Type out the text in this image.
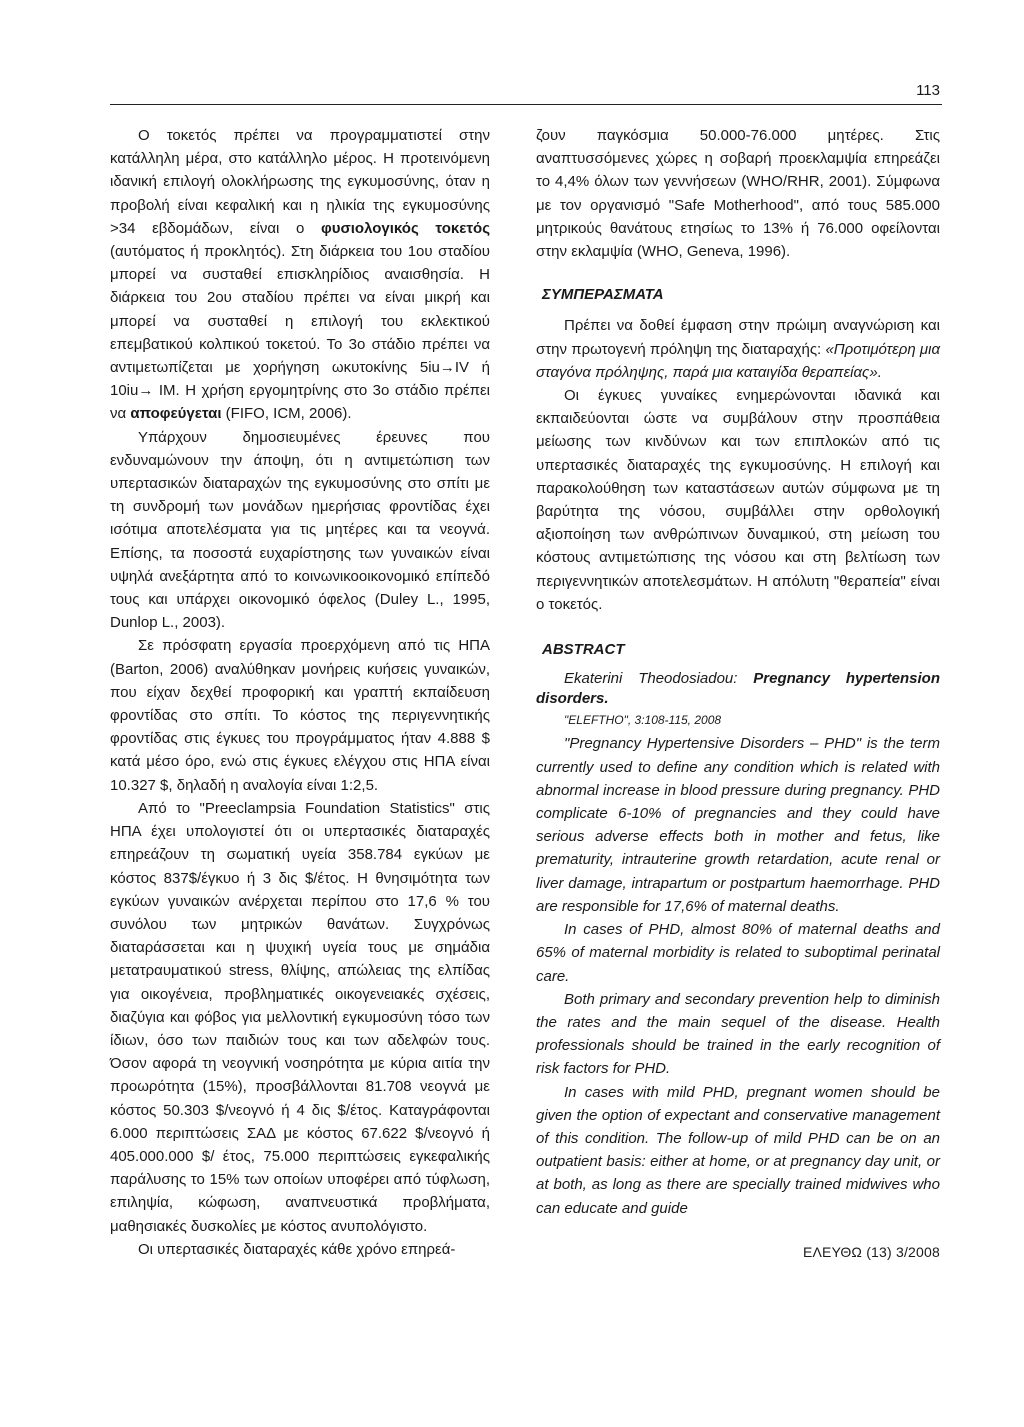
113

Ο τοκετός πρέπει να προγραμματιστεί στην κατάλληλη μέρα, στο κατάλληλο μέρος. Η προτεινόμενη ιδανική επιλογή ολοκλήρωσης της εγκυμοσύνης, όταν η προβολή είναι κεφαλική και η ηλικία της εγκυμοσύνης >34 εβδομάδων, είναι ο φυσιολογικός τοκετός (αυτόματος ή προκλητός). Στη διάρκεια του 1ου σταδίου μπορεί να συσταθεί επισκληρίδιος αναισθησία. Η διάρκεια του 2ου σταδίου πρέπει να είναι μικρή και μπορεί να συσταθεί η επιλογή του εκλεκτικού επεμβατικού κολπικού τοκετού. Το 3ο στάδιο πρέπει να αντιμετωπίζεται με χορήγηση ωκυτοκίνης 5iu→IV ή 10iu→ IM. Η χρήση εργομητρίνης στο 3ο στάδιο πρέπει να αποφεύγεται (FIFO, ICM, 2006).

Υπάρχουν δημοσιευμένες έρευνες που ενδυναμώνουν την άποψη, ότι η αντιμετώπιση των υπερτασικών διαταραχών της εγκυμοσύνης στο σπίτι με τη συνδρομή των μονάδων ημερήσιας φροντίδας έχει ισότιμα αποτελέσματα για τις μητέρες και τα νεογνά. Επίσης, τα ποσοστά ευχαρίστησης των γυναικών είναι υψηλά ανεξάρτητα από το κοινωνικοοικονομικό επίπεδό τους και υπάρχει οικονομικό όφελος (Duley L., 1995, Dunlop L., 2003).

Σε πρόσφατη εργασία προερχόμενη από τις ΗΠΑ (Barton, 2006) αναλύθηκαν μονήρεις κυήσεις γυναικών, που είχαν δεχθεί προφορική και γραπτή εκπαίδευση φροντίδας στο σπίτι. Το κόστος της περιγεννητικής φροντίδας στις έγκυες του προγράμματος ήταν 4.888 $ κατά μέσο όρο, ενώ στις έγκυες ελέγχου στις ΗΠΑ είναι 10.327 $, δηλαδή η αναλογία είναι 1:2,5.

Από το "Preeclampsia Foundation Statistics" στις ΗΠΑ έχει υπολογιστεί ότι οι υπερτασικές διαταραχές επηρεάζουν τη σωματική υγεία 358.784 εγκύων με κόστος 837$/έγκυο ή 3 δις $/έτος. Η θνησιμότητα των εγκύων γυναικών ανέρχεται περίπου στο 17,6 % του συνόλου των μητρικών θανάτων. Συγχρόνως διαταράσσεται και η ψυχική υγεία τους με σημάδια μετατραυματικού stress, θλίψης, απώλειας της ελπίδας για οικογένεια, προβληματικές οικογενειακές σχέσεις, διαζύγια και φόβος για μελλοντική εγκυμοσύνη τόσο των ίδιων, όσο των παιδιών τους και των αδελφών τους. Όσον αφορά τη νεογνική νοσηρότητα με κύρια αιτία την προωρότητα (15%), προσβάλλονται 81.708 νεογνά με κόστος 50.303 $/νεογνό ή 4 δις $/έτος. Καταγράφονται 6.000 περιπτώσεις ΣΑΔ με κόστος 67.622 $/νεογνό ή 405.000.000 $/ έτος, 75.000 περιπτώσεις εγκεφαλικής παράλυσης το 15% των οποίων υποφέρει από τύφλωση, επιληψία, κώφωση, αναπνευστικά προβλήματα, μαθησιακές δυσκολίες με κόστος ανυπολόγιστο.

Οι υπερτασικές διαταραχές κάθε χρόνο επηρεά-

ζουν παγκόσμια 50.000-76.000 μητέρες. Στις αναπτυσσόμενες χώρες η σοβαρή προεκλαμψία επηρεάζει το 4,4% όλων των γεννήσεων (WHO/RHR, 2001). Σύμφωνα με τον οργανισμό "Safe Motherhood", από τους 585.000 μητρικούς θανάτους ετησίως το 13% ή 76.000 οφείλονται στην εκλαμψία (WHO, Geneva, 1996).

ΣΥΜΠΕΡΑΣΜΑΤΑ

Πρέπει να δοθεί έμφαση στην πρώιμη αναγνώριση και στην πρωτογενή πρόληψη της διαταραχής: «Προτιμότερη μια σταγόνα πρόληψης, παρά μια καταιγίδα θεραπείας».

Οι έγκυες γυναίκες ενημερώνονται ιδανικά και εκπαιδεύονται ώστε να συμβάλουν στην προσπάθεια μείωσης των κινδύνων και των επιπλοκών από τις υπερτασικές διαταραχές της εγκυμοσύνης. Η επιλογή και παρακολούθηση των καταστάσεων αυτών σύμφωνα με τη βαρύτητα της νόσου, συμβάλλει στην ορθολογική αξιοποίηση των ανθρώπινων δυναμικού, στη μείωση του κόστους αντιμετώπισης της νόσου και στη βελτίωση των περιγεννητικών αποτελεσμάτων. Η απόλυτη "θεραπεία" είναι ο τοκετός.

ABSTRACT

Ekaterini Theodosiadou: Pregnancy hypertension disorders.

"ELEFTHO", 3:108-115, 2008

"Pregnancy Hypertensive Disorders – PHD" is the term currently used to define any condition which is related with abnormal increase in blood pressure during pregnancy. PHD complicate 6-10% of pregnancies and they could have serious adverse effects both in mother and fetus, like prematurity, intrauterine growth retardation, acute renal or liver damage, intrapartum or postpartum haemorrhage. PHD are responsible for 17,6% of maternal deaths.

In cases of PHD, almost 80% of maternal deaths and 65% of maternal morbidity is related to suboptimal perinatal care.

Both primary and secondary prevention help to diminish the rates and the main sequel of the disease. Health professionals should be trained in the early recognition of risk factors for PHD.

In cases with mild PHD, pregnant women should be given the option of expectant and conservative management of this condition. The follow-up of mild PHD can be on an outpatient basis: either at home, or at pregnancy day unit, or at both, as long as there are specially trained midwives who can educate and guide

ΕΛΕΥΘΩ (13) 3/2008
